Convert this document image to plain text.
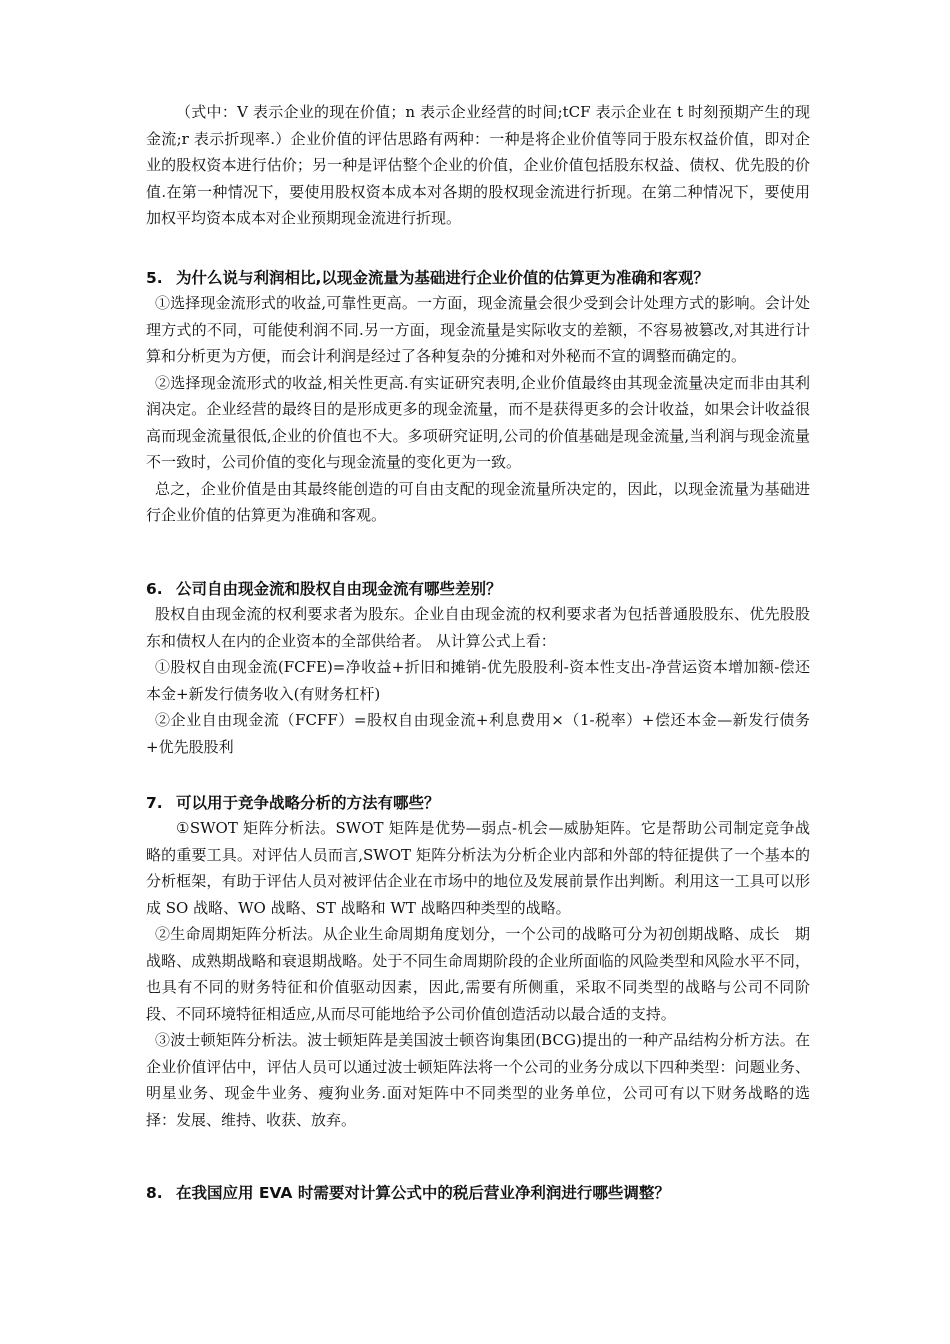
（式中：V 表示企业的现在价值；n 表示企业经营的时间;tCF 表示企业在 t 时刻预期产生的现金流;r 表示折现率.）企业价值的评估思路有两种：一种是将企业价值等同于股东权益价值，即对企业的股权资本进行估价；另一种是评估整个企业的价值，企业价值包括股东权益、债权、优先股的价值.在第一种情况下，要使用股权资本成本对各期的股权现金流进行折现。在第二种情况下，要使用加权平均资本成本对企业预期现金流进行折现。

5. 为什么说与利润相比,以现金流量为基础进行企业价值的估算更为准确和客观？

①选择现金流形式的收益,可靠性更高。一方面，现金流量会很少受到会计处理方式的影响。会计处理方式的不同，可能使利润不同.另一方面，现金流量是实际收支的差额，不容易被篡改,对其进行计算和分析更为方便，而会计利润是经过了各种复杂的分摊和对外秘而不宣的调整而确定的。

②选择现金流形式的收益,相关性更高.有实证研究表明,企业价值最终由其现金流量决定而非由其利润决定。企业经营的最终目的是形成更多的现金流量，而不是获得更多的会计收益，如果会计收益很高而现金流量很低,企业的价值也不大。多项研究证明,公司的价值基础是现金流量,当利润与现金流量不一致时，公司价值的变化与现金流量的变化更为一致。

总之，企业价值是由其最终能创造的可自由支配的现金流量所决定的，因此，以现金流量为基础进行企业价值的估算更为准确和客观。

6. 公司自由现金流和股权自由现金流有哪些差别？

股权自由现金流的权利要求者为股东。企业自由现金流的权利要求者为包括普通股股东、优先股股东和债权人在内的企业资本的全部供给者。 从计算公式上看：

①股权自由现金流(FCFE)=净收益+折旧和摊销-优先股股利-资本性支出-净营运资本增加额-偿还本金+新发行债务收入(有财务杠杆)

②企业自由现金流（FCFF）=股权自由现金流+利息费用×（1-税率）+偿还本金—新发行债务+优先股股利

7. 可以用于竞争战略分析的方法有哪些？

①SWOT 矩阵分析法。SWOT 矩阵是优势—弱点-机会—威胁矩阵。它是帮助公司制定竞争战略的重要工具。对评估人员而言,SWOT 矩阵分析法为分析企业内部和外部的特征提供了一个基本的分析框架，有助于评估人员对被评估企业在市场中的地位及发展前景作出判断。利用这一工具可以形成 SO 战略、WO 战略、ST 战略和 WT 战略四种类型的战略。

②生命周期矩阵分析法。从企业生命周期角度划分，一个公司的战略可分为初创期战略、成长　期战略、成熟期战略和衰退期战略。处于不同生命周期阶段的企业所面临的风险类型和风险水平不同，也具有不同的财务特征和价值驱动因素，因此,需要有所侧重，采取不同类型的战略与公司不同阶段、不同环境特征相适应,从而尽可能地给予公司价值创造活动以最合适的支持。

③波士顿矩阵分析法。波士顿矩阵是美国波士顿咨询集团(BCG)提出的一种产品结构分析方法。在企业价值评估中，评估人员可以通过波士顿矩阵法将一个公司的业务分成以下四种类型：问题业务、明星业务、现金牛业务、瘦狗业务.面对矩阵中不同类型的业务单位，公司可有以下财务战略的选择：发展、维持、收获、放弃。

8. 在我国应用 EVA 时需要对计算公式中的税后营业净利润进行哪些调整？
